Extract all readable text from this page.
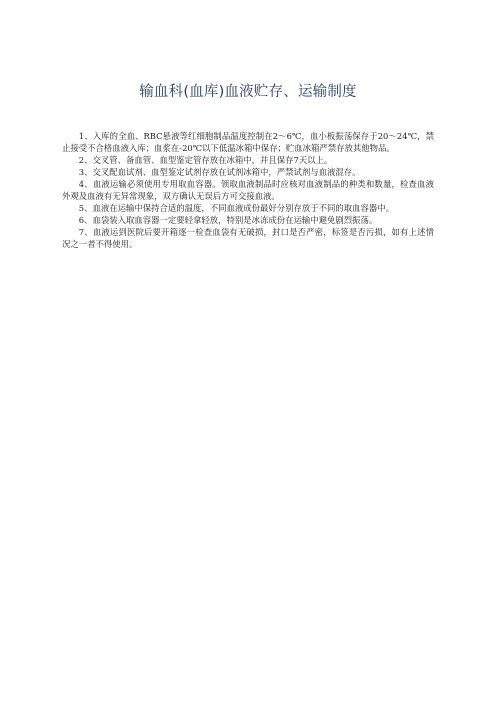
输血科(血库)血液贮存、运输制度

1、入库的全血、RBC悬液等红细胞制品温度控制在2～6℃，血小板振荡保存于20～24℃，禁止接受不合格血液入库；血浆在-20℃以下低温冰箱中保存；贮血冰箱严禁存放其他物品。

2、交叉管、备血管、血型鉴定管存放在冰箱中，并且保存7天以上。

3、交叉配血试剂、血型鉴定试剂存放在试剂冰箱中，严禁试剂与血液混存。

4、血液运输必须使用专用取血容器。领取血液制品时应核对血液制品的种类和数量，检查血液外观及血液有无异常现象，双方确认无误后方可交接血液。

5、血液在运输中保持合适的温度，不同血液成份最好分别存放于不同的取血容器中。

6、血袋装入取血容器一定要轻拿轻放，特别是冰冻成份在运输中避免剧烈振荡。

7、血液运到医院后要开箱逐一检查血袋有无破损，封口是否严密，标签是否污损，如有上述情况之一者不得使用。
